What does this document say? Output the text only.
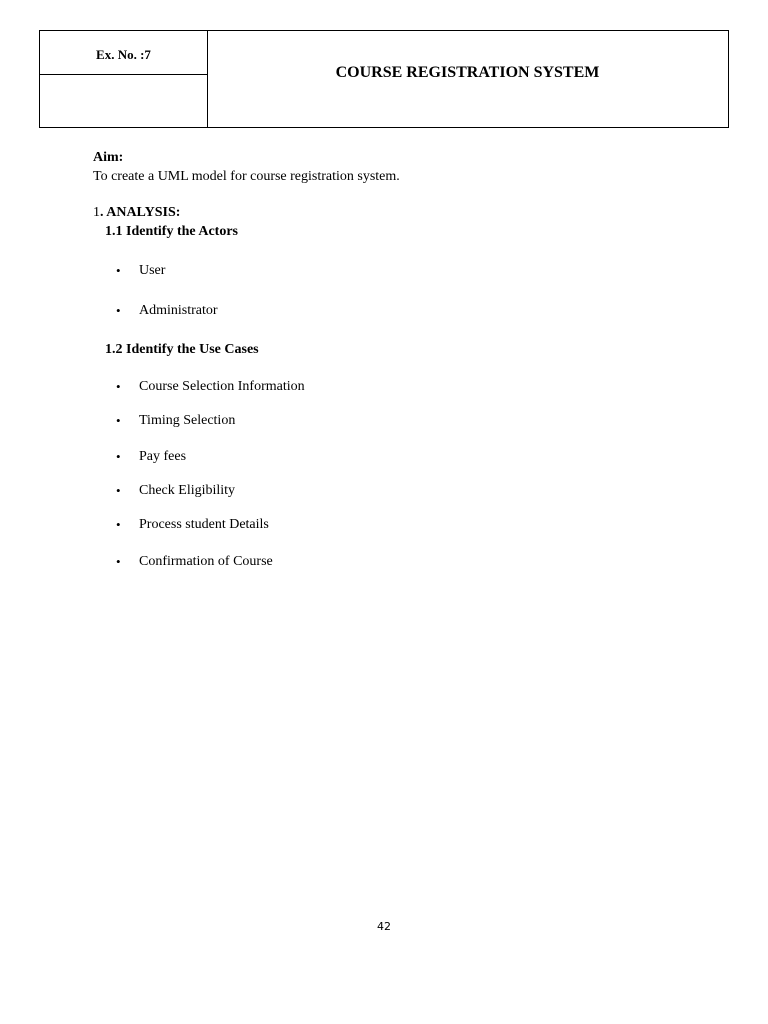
Ex. No. :7
COURSE REGISTRATION SYSTEM
Aim:
To create a UML model for course registration system.
1. ANALYSIS:
1.1 Identify the Actors
• User
• Administrator
1.2 Identify the Use Cases
• Course Selection Information
• Timing Selection
• Pay fees
• Check Eligibility
• Process student Details
• Confirmation of Course
42
